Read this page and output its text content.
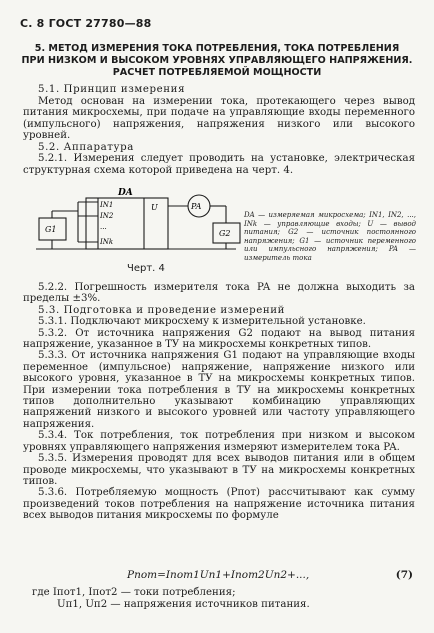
С. 8 ГОСТ 27780—88
5. МЕТОД ИЗМЕРЕНИЯ ТОКА ПОТРЕБЛЕНИЯ, ТОКА ПОТРЕБЛЕНИЯ
ПРИ НИЗКОМ И ВЫСОКОМ УРОВНЯХ УПРАВЛЯЮЩЕГО НАПРЯЖЕНИЯ.
РАСЧЕТ ПОТРЕБЛЯЕМОЙ МОЩНОСТИ

5.1. Принцип измерения

Метод основан на измерении тока, протекающего через вывод питания микросхемы, при подаче на управляющие входы переменного (импульсного) напряжения, напряжения низкого или высокого уровней.

5.2. Аппаратура

5.2.1. Измерения следует проводить на установке, электрическая структурная схема которой приведена на черт. 4.

DA
IN1
IN2
...
INk
U	PA
G1	G2
DA — измеряемая микросхема; IN1, IN2, ..., INk — управляющие входы; U — вывод питания; G2 — источник постоянного напряжения; G1 — источник переменного или импульсного напряжения; PA — измеритель тока
Черт. 4

5.2.2. Погрешность измерителя тока PA не должна выходить за пределы ±3%.

5.3. Подготовка и проведение измерений

5.3.1. Подключают микросхему к измерительной установке.

5.3.2. От источника напряжения G2 подают на вывод питания напряжение, указанное в ТУ на микросхемы конкретных типов.

5.3.3. От источника напряжения G1 подают на управляющие входы переменное (импульсное) напряжение, напряжение низкого или высокого уровня, указанное в ТУ на микросхемы конкретных типов. При измерении тока потребления в ТУ на микросхемы конкретных типов дополнительно указывают комбинацию управляющих напряжений низкого и высокого уровней или частоту управляющего напряжения.

5.3.4. Ток потребления, ток потребления при низком и высоком уровнях управляющего напряжения измеряют измерителем тока PA.

5.3.5. Измерения проводят для всех выводов питания или в общем проводе микросхемы, что указывают в ТУ на микросхемы конкретных типов.

5.3.6. Потребляемую мощность (Pпот) рассчитывают как сумму произведений токов потребления на напряжение источника питания всех выводов питания микросхемы по формуле

Pпот=Iпот1Uп1+Iпот2Uп2+...,	(7)

где Iпот1, Iпот2 — токи потребления;

Uп1, Uп2 — напряжения источников питания.
